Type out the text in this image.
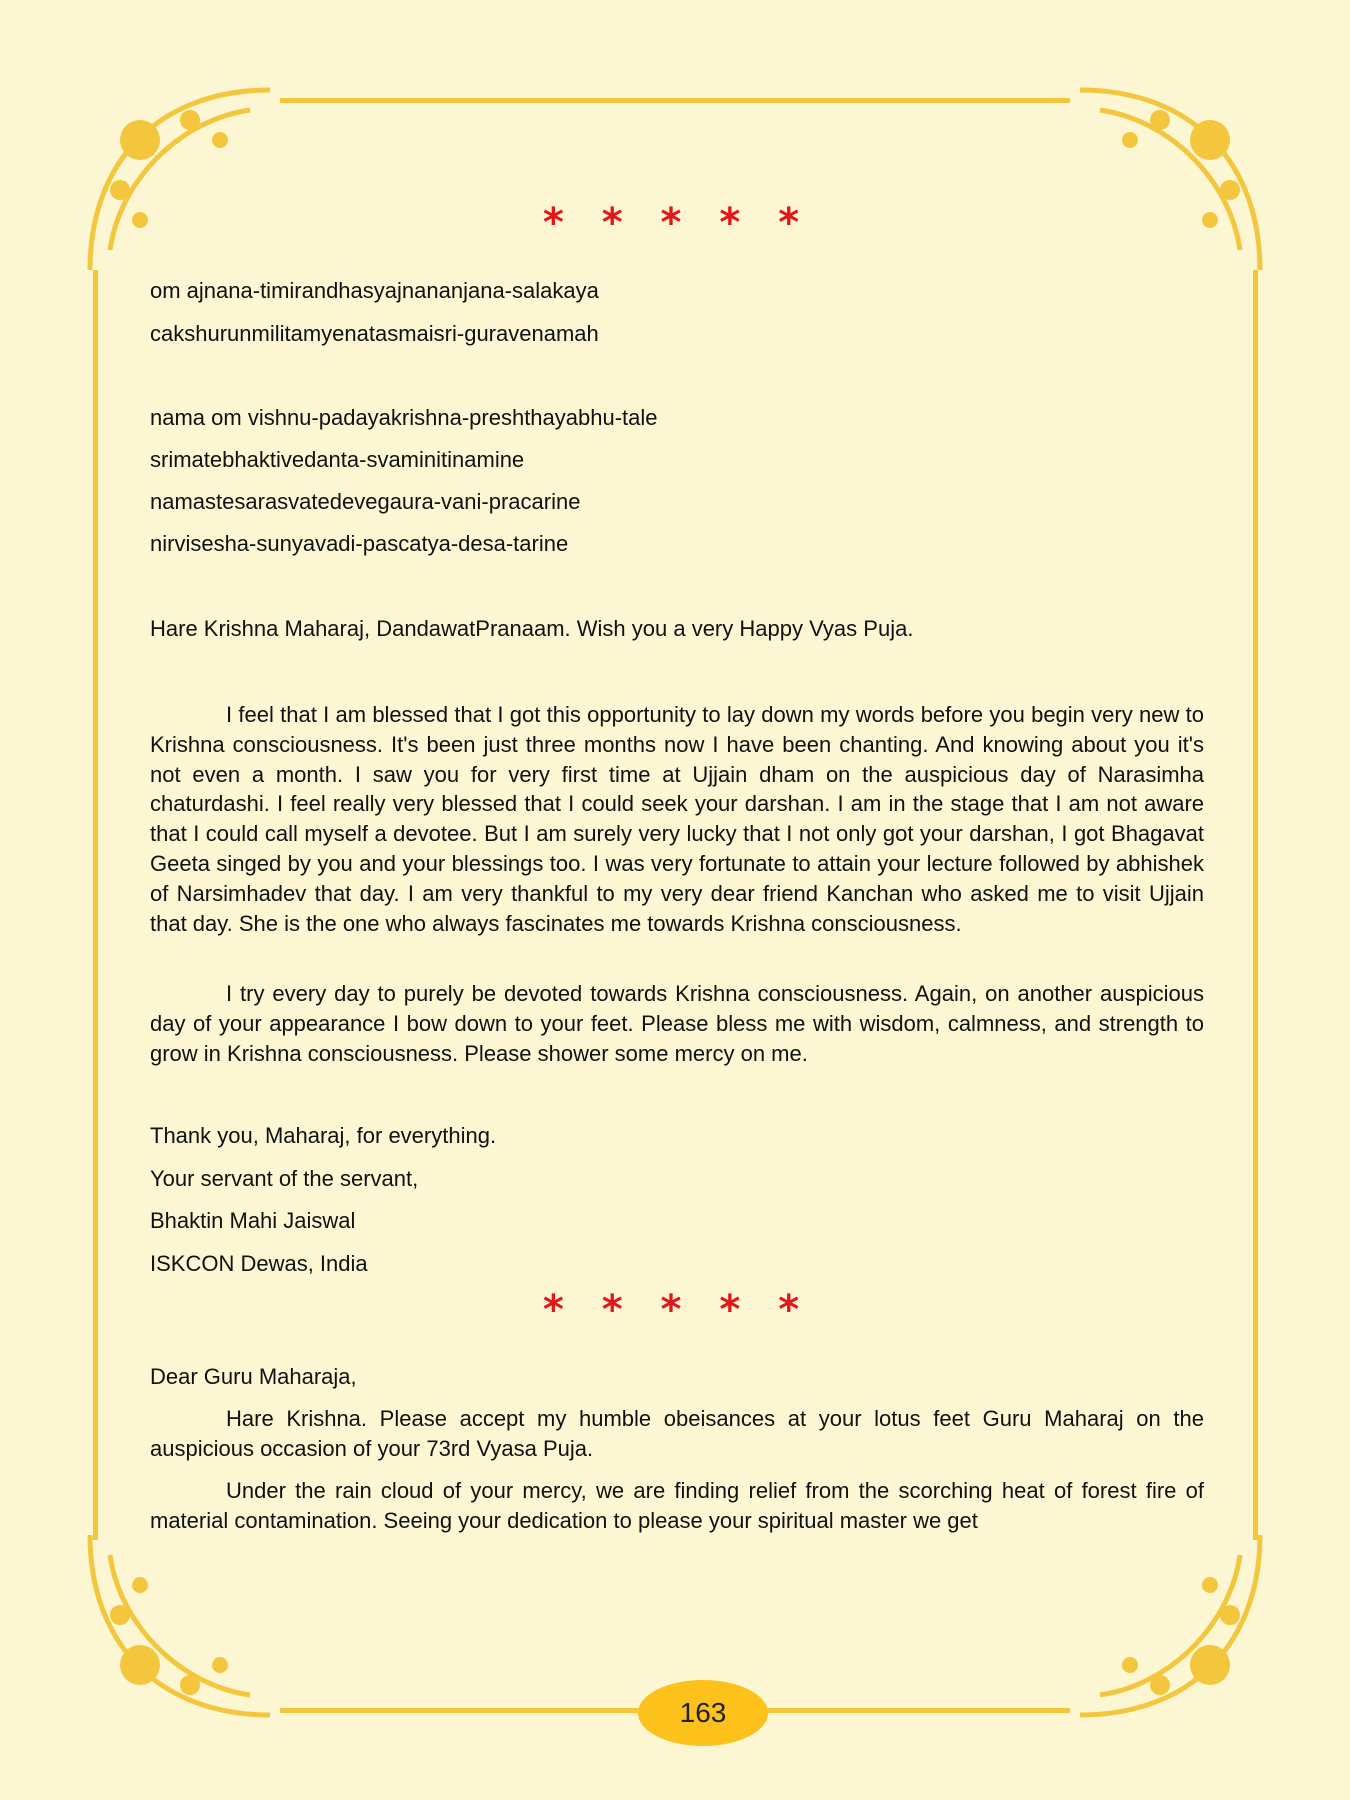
* * * * *
om ajnana-timirandhasyajnananjana-salakaya
cakshurunmilitamyenatasmaisri-guravenamah
nama om vishnu-padayakrishna-preshthayabhu-tale
srimatebhaktivedanta-svaminitinamine
namastesarasvatedevegaura-vani-pracarine
nirvisesha-sunyavadi-pascatya-desa-tarine
Hare Krishna Maharaj, DandawatPranaam. Wish you a very Happy Vyas Puja.
I feel that I am blessed that I got this opportunity to lay down my words before you begin very new to Krishna consciousness. It's been just three months now I have been chanting. And knowing about you it's not even a month. I saw you for very first time at Ujjain dham on the auspicious day of Narasimha chaturdashi. I feel really very blessed that I could seek your darshan. I am in the stage that I am not aware that I could call myself a devotee. But I am surely very lucky that I not only got your darshan, I got Bhagavat Geeta singed by you and your blessings too. I was very fortunate to attain your lecture followed by abhishek of Narsimhadev that day. I am very thankful to my very dear friend Kanchan who asked me to visit Ujjain that day. She is the one who always fascinates me towards Krishna consciousness.
I try every day to purely be devoted towards Krishna consciousness. Again, on another auspicious day of your appearance I bow down to your feet. Please bless me with wisdom, calmness, and strength to grow in Krishna consciousness. Please shower some mercy on me.
Thank you, Maharaj, for everything.
Your servant of the servant,
Bhaktin Mahi Jaiswal
ISKCON Dewas, India
* * * * *
Dear Guru Maharaja,
Hare Krishna. Please accept my humble obeisances at your lotus feet Guru Maharaj on the auspicious occasion of your 73rd Vyasa Puja.
Under the rain cloud of your mercy, we are finding relief from the scorching heat of forest fire of material contamination. Seeing your dedication to please your spiritual master we get
163
